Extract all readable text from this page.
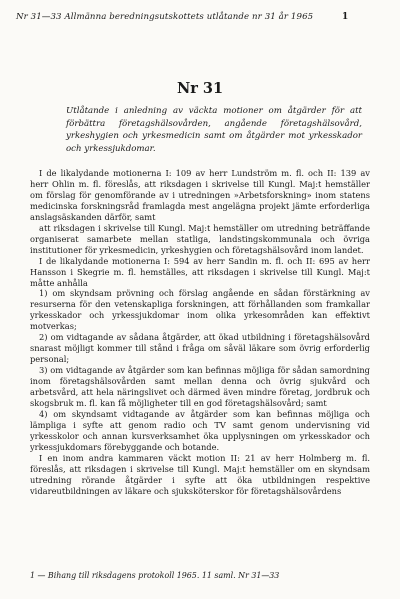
Nr 31—33 Allmänna beredningsutskottets utlåtande nr 31 år 1965	1
Nr 31
Utlåtande i anledning av väckta motioner om åtgärder för att förbättra företagshälsovården, angående företagshälsovård, yrkeshygien och yrkesmedicin samt om åtgärder mot yrkesskador och yrkessjukdomar.

I de likalydande motionerna I: 109 av herr Lundström m. fl. och II: 139 av herr Ohlin m. fl. föreslås, att riksdagen i skrivelse till Kungl. Maj:t hemställer om förslag för genomförande av i utredningen »Arbetsforskning» inom statens medicinska forskningsråd framlagda mest angelägna projekt jämte erforderliga anslagsäskanden därför, samt

att riksdagen i skrivelse till Kungl. Maj:t hemställer om utredning beträffande organiserat samarbete mellan statliga, landstingskommunala och övriga institutioner för yrkesmedicin, yrkeshygien och företagshälsovård inom landet.

I de likalydande motionerna I: 594 av herr Sandin m. fl. och II: 695 av herr Hansson i Skegrie m. fl. hemställes, att riksdagen i skrivelse till Kungl. Maj:t måtte anhålla

1) om skyndsam prövning och förslag angående en sådan förstärkning av resurserna för den vetenskapliga forskningen, att förhållanden som framkallar yrkesskador och yrkessjukdomar inom olika yrkesområden kan effektivt motverkas;

2) om vidtagande av sådana åtgärder, att ökad utbildning i företagshälsovård snarast möjligt kommer till stånd i fråga om såväl läkare som övrig erforderlig personal;

3) om vidtagande av åtgärder som kan befinnas möjliga för sådan samordning inom företagshälsovården samt mellan denna och övrig sjukvård och arbetsvård, att hela näringslivet och därmed även mindre företag, jordbruk och skogsbruk m. fl. kan få möjligheter till en god företagshälsovård; samt

4) om skyndsamt vidtagande av åtgärder som kan befinnas möjliga och lämpliga i syfte att genom radio och TV samt genom undervisning vid yrkesskolor och annan kursverksamhet öka upplysningen om yrkesskador och yrkessjukdomars förebyggande och botande.

I en inom andra kammaren väckt motion II: 21 av herr Holmberg m. fl. föreslås, att riksdagen i skrivelse till Kungl. Maj:t hemställer om en skyndsam utredning rörande åtgärder i syfte att öka utbildningen respektive vidareutbildningen av läkare och sjuksköterskor för företagshälsovårdens

1 — Bihang till riksdagens protokoll 1965. 11 saml. Nr 31—33
